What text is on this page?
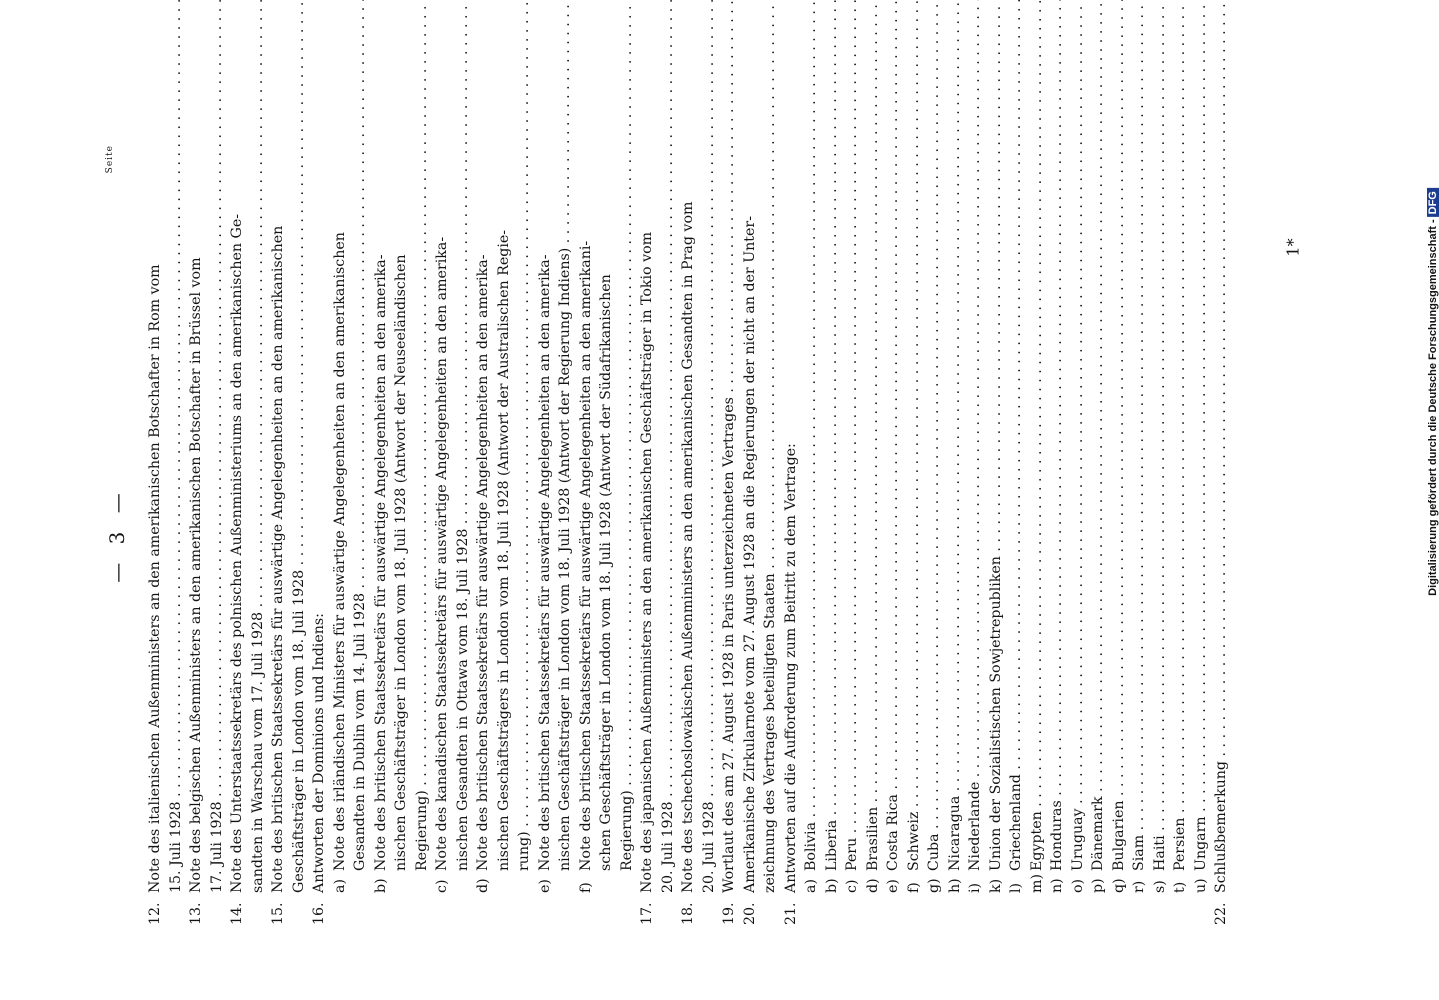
— 3 —
Seite
12.
Note des italienischen Außenministers an den amerikanischen Botschafter in Rom vom 15. Juli 1928 . . .
13.
Note des belgischen Außenministers an den amerikanischen Botschafter in Brüssel vom 17. Juli 1928 . . .
14.
Note des Unterstaatssekretärs des polnischen Außenministeriums an den amerikanischen Ge- sandten in Warschau vom 17. Juli 1928 . . .
15.
Note des britischen Staatssekretärs für auswärtige Angelegenheiten an den amerikanischen Geschäftsträger in London vom 18. Juli 1928 . . .
16.
Antworten der Dominions und Indiens: a)
Note des irländischen Ministers für auswärtige Angelegenheiten an den amerikanischen Gesandten in Dublin vom 14. Juli 1928 . . .
b)
Note des britischen Staatssekretärs für auswärtige Angelegenheiten an den amerika- nischen Geschäftsträger in London vom 18. Juli 1928 (Antwort der Neuseeländischen Regierung) . . .
c)
Note des kanadischen Staatssekretärs für auswärtige Angelegenheiten an den amerika- nischen Gesandten in Ottawa vom 18. Juli 1928 . . .
d)
Note des britischen Staatssekretärs für auswärtige Angelegenheiten an den amerika- nischen Geschäftsträgers in London vom 18. Juli 1928 (Antwort der Australischen Regie- rung) . . .
e)
Note des britischen Staatssekretärs für auswärtige Angelegenheiten an den amerika- nischen Geschäftsträger in London vom 18. Juli 1928 (Antwort der Regierung Indiens) . . .
f)
Note des britischen Staatssekretärs für auswärtige Angelegenheiten an den amerikani- schen Geschäftsträger in London vom 18. Juli 1928 (Antwort der Südafrikanischen Regierung) . . .
17.
Note des japanischen Außenministers an den amerikanischen Geschäftsträger in Tokio vom 20. Juli 1928 . . .
18.
Note des tschechoslowakischen Außenministers an den amerikanischen Gesandten in Prag vom 20. Juli 1928 . . .
19.
Wortlaut des am 27. August 1928 in Paris unterzeichneten Vertrages . . .
20.
Amerikanische Zirkularnote vom 27. August 1928 an die Regierungen der nicht an der Unter- zeichnung des Vertrages beteiligten Staaten . . .
21.
Antworten auf die Aufforderung zum Beitritt zu dem Vertrage: a)
Bolivia . . .
b)
Liberia . . .
c)
Peru . . .
d)
Brasilien . . .
e)
Costa Rica . . .
f)
Schweiz . . .
g)
Cuba . . .
h)
Nicaragua . . .
i)
Niederlande . . .
k)
Union der Sozialistischen Sowjetrepubliken . . .
l)
Griechenland . . .
m)
Egypten . . .
n)
Honduras . . .
o)
Uruguay . . .
p)
Dänemark . . .
q)
Bulgarien . . .
r)
Siam . . .
s)
Haiti . . .
t)
Persien . . .
u)
Ungarn . . .
22.
Schlußbemerkung . . .
1*	Digitalisierung gefördert durch die Deutsche Forschungsgemeinschaft -DFG
